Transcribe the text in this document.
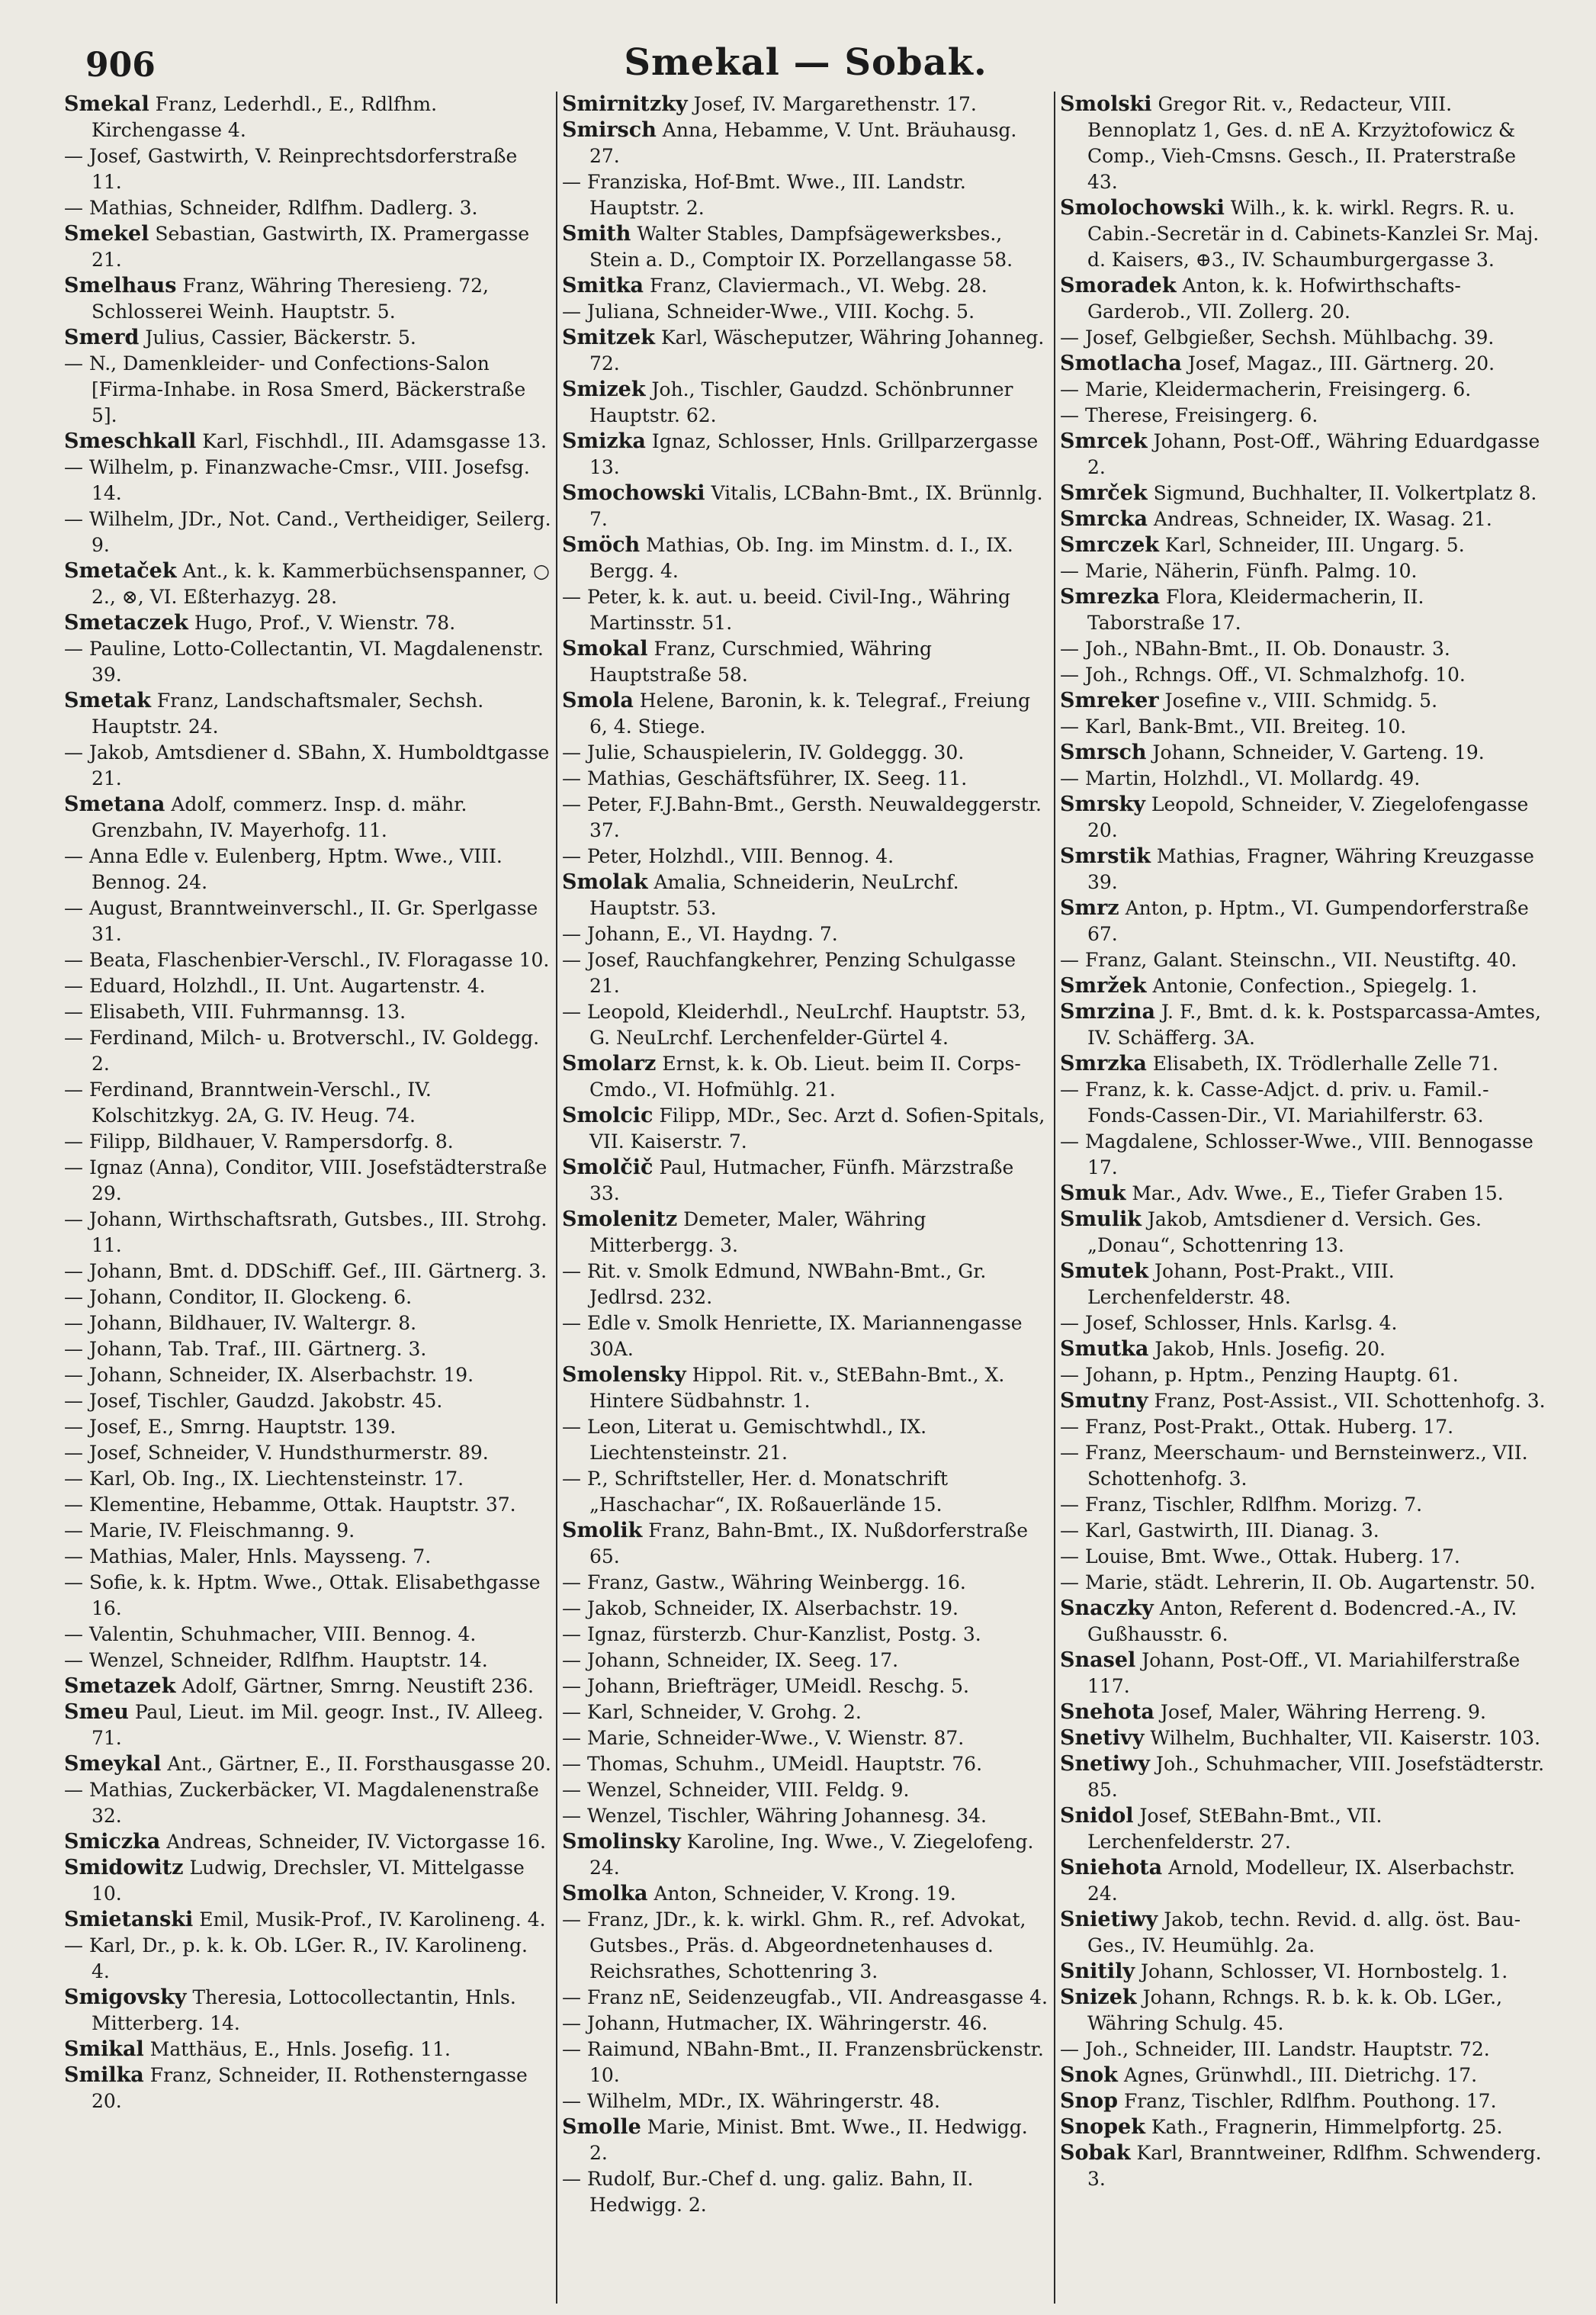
906	Smekal — Sobak.

Smekal Franz, Lederhdl., E., Rdlfhm. Kirchengasse 4.

— Josef, Gastwirth, V. Reinprechtsdorferstraße 11.

— Mathias, Schneider, Rdlfhm. Dadlerg. 3.

Smekel Sebastian, Gastwirth, IX. Pramergasse 21.

Smelhaus Franz, Währing Theresieng. 72, Schlosserei Weinh. Hauptstr. 5.

Smerd Julius, Cassier, Bäckerstr. 5.

— N., Damenkleider- und Confections-Salon [Firma-Inhabe. in Rosa Smerd, Bäckerstraße 5].

Smeschkall Karl, Fischhdl., III. Adamsgasse 13.

— Wilhelm, p. Finanzwache-Cmsr., VIII. Josefsg. 14.

— Wilhelm, JDr., Not. Cand., Vertheidiger, Seilerg. 9.

Smetaček Ant., k. k. Kammerbüchsenspanner, ○ 2., ⊗, VI. Eßterhazyg. 28.

Smetaczek Hugo, Prof., V. Wienstr. 78.

— Pauline, Lotto-Collectantin, VI. Magdalenenstr. 39.

Smetak Franz, Landschaftsmaler, Sechsh. Hauptstr. 24.

— Jakob, Amtsdiener d. SBahn, X. Humboldtgasse 21.

Smetana Adolf, commerz. Insp. d. mähr. Grenzbahn, IV. Mayerhofg. 11.

— Anna Edle v. Eulenberg, Hptm. Wwe., VIII. Bennog. 24.

— August, Branntweinverschl., II. Gr. Sperlgasse 31.

— Beata, Flaschenbier-Verschl., IV. Floragasse 10.

— Eduard, Holzhdl., II. Unt. Augartenstr. 4.

— Elisabeth, VIII. Fuhrmannsg. 13.

— Ferdinand, Milch- u. Brotverschl., IV. Goldegg. 2.

— Ferdinand, Branntwein-Verschl., IV. Kolschitzkyg. 2A, G. IV. Heug. 74.

— Filipp, Bildhauer, V. Rampersdorfg. 8.

— Ignaz (Anna), Conditor, VIII. Josefstädterstraße 29.

— Johann, Wirthschaftsrath, Gutsbes., III. Strohg. 11.

— Johann, Bmt. d. DDSchiff. Gef., III. Gärtnerg. 3.

— Johann, Conditor, II. Glockeng. 6.

— Johann, Bildhauer, IV. Waltergr. 8.

— Johann, Tab. Traf., III. Gärtnerg. 3.

— Johann, Schneider, IX. Alserbachstr. 19.

— Josef, Tischler, Gaudzd. Jakobstr. 45.

— Josef, E., Smrng. Hauptstr. 139.

— Josef, Schneider, V. Hundsthurmerstr. 89.

— Karl, Ob. Ing., IX. Liechtensteinstr. 17.

— Klementine, Hebamme, Ottak. Hauptstr. 37.

— Marie, IV. Fleischmanng. 9.

— Mathias, Maler, Hnls. Maysseng. 7.

— Sofie, k. k. Hptm. Wwe., Ottak. Elisabethgasse 16.

— Valentin, Schuhmacher, VIII. Bennog. 4.

— Wenzel, Schneider, Rdlfhm. Hauptstr. 14.

Smetazek Adolf, Gärtner, Smrng. Neustift 236.

Smeu Paul, Lieut. im Mil. geogr. Inst., IV. Alleeg. 71.

Smeykal Ant., Gärtner, E., II. Forsthausgasse 20.

— Mathias, Zuckerbäcker, VI. Magdalenenstraße 32.

Smiczka Andreas, Schneider, IV. Victorgasse 16.

Smidowitz Ludwig, Drechsler, VI. Mittelgasse 10.

Smietanski Emil, Musik-Prof., IV. Karolineng. 4.

— Karl, Dr., p. k. k. Ob. LGer. R., IV. Karolineng. 4.

Smigovsky Theresia, Lottocollectantin, Hnls. Mitterberg. 14.

Smikal Matthäus, E., Hnls. Josefig. 11.

Smilka Franz, Schneider, II. Rothensterngasse 20.

Smirnitzky Josef, IV. Margarethenstr. 17.

Smirsch Anna, Hebamme, V. Unt. Bräuhausg. 27.

— Franziska, Hof-Bmt. Wwe., III. Landstr. Hauptstr. 2.

Smith Walter Stables, Dampfsägewerksbes., Stein a. D., Comptoir IX. Porzellangasse 58.

Smitka Franz, Claviermach., VI. Webg. 28.

— Juliana, Schneider-Wwe., VIII. Kochg. 5.

Smitzek Karl, Wäscheputzer, Währing Johanneg. 72.

Smizek Joh., Tischler, Gaudzd. Schönbrunner Hauptstr. 62.

Smizka Ignaz, Schlosser, Hnls. Grillparzergasse 13.

Smochowski Vitalis, LCBahn-Bmt., IX. Brünnlg. 7.

Smöch Mathias, Ob. Ing. im Minstm. d. I., IX. Bergg. 4.

— Peter, k. k. aut. u. beeid. Civil-Ing., Währing Martinsstr. 51.

Smokal Franz, Curschmied, Währing Hauptstraße 58.

Smola Helene, Baronin, k. k. Telegraf., Freiung 6, 4. Stiege.

— Julie, Schauspielerin, IV. Goldeggg. 30.

— Mathias, Geschäftsführer, IX. Seeg. 11.

— Peter, F.J.Bahn-Bmt., Gersth. Neuwaldeggerstr. 37.

— Peter, Holzhdl., VIII. Bennog. 4.

Smolak Amalia, Schneiderin, NeuLrchf. Hauptstr. 53.

— Johann, E., VI. Haydng. 7.

— Josef, Rauchfangkehrer, Penzing Schulgasse 21.

— Leopold, Kleiderhdl., NeuLrchf. Hauptstr. 53, G. NeuLrchf. Lerchenfelder-Gürtel 4.

Smolarz Ernst, k. k. Ob. Lieut. beim II. Corps-Cmdo., VI. Hofmühlg. 21.

Smolcic Filipp, MDr., Sec. Arzt d. Sofien-Spitals, VII. Kaiserstr. 7.

Smolčič Paul, Hutmacher, Fünfh. Märzstraße 33.

Smolenitz Demeter, Maler, Währing Mitterbergg. 3.

— Rit. v. Smolk Edmund, NWBahn-Bmt., Gr. Jedlrsd. 232.

— Edle v. Smolk Henriette, IX. Mariannengasse 30A.

Smolensky Hippol. Rit. v., StEBahn-Bmt., X. Hintere Südbahnstr. 1.

— Leon, Literat u. Gemischtwhdl., IX. Liechtensteinstr. 21.

— P., Schriftsteller, Her. d. Monatschrift „Haschachar“, IX. Roßauerlände 15.

Smolik Franz, Bahn-Bmt., IX. Nußdorferstraße 65.

— Franz, Gastw., Währing Weinbergg. 16.

— Jakob, Schneider, IX. Alserbachstr. 19.

— Ignaz, fürsterzb. Chur-Kanzlist, Postg. 3.

— Johann, Schneider, IX. Seeg. 17.

— Johann, Briefträger, UMeidl. Reschg. 5.

— Karl, Schneider, V. Grohg. 2.

— Marie, Schneider-Wwe., V. Wienstr. 87.

— Thomas, Schuhm., UMeidl. Hauptstr. 76.

— Wenzel, Schneider, VIII. Feldg. 9.

— Wenzel, Tischler, Währing Johannesg. 34.

Smolinsky Karoline, Ing. Wwe., V. Ziegelofeng. 24.

Smolka Anton, Schneider, V. Krong. 19.

— Franz, JDr., k. k. wirkl. Ghm. R., ref. Advokat, Gutsbes., Präs. d. Abgeordnetenhauses d. Reichsrathes, Schottenring 3.

— Franz nE, Seidenzeugfab., VII. Andreasgasse 4.

— Johann, Hutmacher, IX. Währingerstr. 46.

— Raimund, NBahn-Bmt., II. Franzensbrückenstr. 10.

— Wilhelm, MDr., IX. Währingerstr. 48.

Smolle Marie, Minist. Bmt. Wwe., II. Hedwigg. 2.

— Rudolf, Bur.-Chef d. ung. galiz. Bahn, II. Hedwigg. 2.

Smolski Gregor Rit. v., Redacteur, VIII. Bennoplatz 1, Ges. d. nE A. Krzyżtofowicz & Comp., Vieh-Cmsns. Gesch., II. Praterstraße 43.

Smolochowski Wilh., k. k. wirkl. Regrs. R. u. Cabin.-Secretär in d. Cabinets-Kanzlei Sr. Maj. d. Kaisers, ⊕3., IV. Schaumburgergasse 3.

Smoradek Anton, k. k. Hofwirthschafts-Garderob., VII. Zollerg. 20.

— Josef, Gelbgießer, Sechsh. Mühlbachg. 39.

Smotlacha Josef, Magaz., III. Gärtnerg. 20.

— Marie, Kleidermacherin, Freisingerg. 6.

— Therese, Freisingerg. 6.

Smrcek Johann, Post-Off., Währing Eduardgasse 2.

Smrček Sigmund, Buchhalter, II. Volkertplatz 8.

Smrcka Andreas, Schneider, IX. Wasag. 21.

Smrczek Karl, Schneider, III. Ungarg. 5.

— Marie, Näherin, Fünfh. Palmg. 10.

Smrezka Flora, Kleidermacherin, II. Taborstraße 17.

— Joh., NBahn-Bmt., II. Ob. Donaustr. 3.

— Joh., Rchngs. Off., VI. Schmalzhofg. 10.

Smreker Josefine v., VIII. Schmidg. 5.

— Karl, Bank-Bmt., VII. Breiteg. 10.

Smrsch Johann, Schneider, V. Garteng. 19.

— Martin, Holzhdl., VI. Mollardg. 49.

Smrsky Leopold, Schneider, V. Ziegelofengasse 20.

Smrstik Mathias, Fragner, Währing Kreuzgasse 39.

Smrz Anton, p. Hptm., VI. Gumpendorferstraße 67.

— Franz, Galant. Steinschn., VII. Neustiftg. 40.

Smržek Antonie, Confection., Spiegelg. 1.

Smrzina J. F., Bmt. d. k. k. Postsparcassa-Amtes, IV. Schäfferg. 3A.

Smrzka Elisabeth, IX. Trödlerhalle Zelle 71.

— Franz, k. k. Casse-Adjct. d. priv. u. Famil.-Fonds-Cassen-Dir., VI. Mariahilferstr. 63.

— Magdalene, Schlosser-Wwe., VIII. Bennogasse 17.

Smuk Mar., Adv. Wwe., E., Tiefer Graben 15.

Smulik Jakob, Amtsdiener d. Versich. Ges. „Donau“, Schottenring 13.

Smutek Johann, Post-Prakt., VIII. Lerchenfelderstr. 48.

— Josef, Schlosser, Hnls. Karlsg. 4.

Smutka Jakob, Hnls. Josefig. 20.

— Johann, p. Hptm., Penzing Hauptg. 61.

Smutny Franz, Post-Assist., VII. Schottenhofg. 3.

— Franz, Post-Prakt., Ottak. Huberg. 17.

— Franz, Meerschaum- und Bernsteinwerz., VII. Schottenhofg. 3.

— Franz, Tischler, Rdlfhm. Morizg. 7.

— Karl, Gastwirth, III. Dianag. 3.

— Louise, Bmt. Wwe., Ottak. Huberg. 17.

— Marie, städt. Lehrerin, II. Ob. Augartenstr. 50.

Snaczky Anton, Referent d. Bodencred.-A., IV. Gußhausstr. 6.

Snasel Johann, Post-Off., VI. Mariahilferstraße 117.

Snehota Josef, Maler, Währing Herreng. 9.

Snetivy Wilhelm, Buchhalter, VII. Kaiserstr. 103.

Snetiwy Joh., Schuhmacher, VIII. Josefstädterstr. 85.

Snidol Josef, StEBahn-Bmt., VII. Lerchenfelderstr. 27.

Sniehota Arnold, Modelleur, IX. Alserbachstr. 24.

Snietiwy Jakob, techn. Revid. d. allg. öst. Bau-Ges., IV. Heumühlg. 2a.

Snitily Johann, Schlosser, VI. Hornbostelg. 1.

Snizek Johann, Rchngs. R. b. k. k. Ob. LGer., Währing Schulg. 45.

— Joh., Schneider, III. Landstr. Hauptstr. 72.

Snok Agnes, Grünwhdl., III. Dietrichg. 17.

Snop Franz, Tischler, Rdlfhm. Pouthong. 17.

Snopek Kath., Fragnerin, Himmelpfortg. 25.

Sobak Karl, Branntweiner, Rdlfhm. Schwenderg. 3.
